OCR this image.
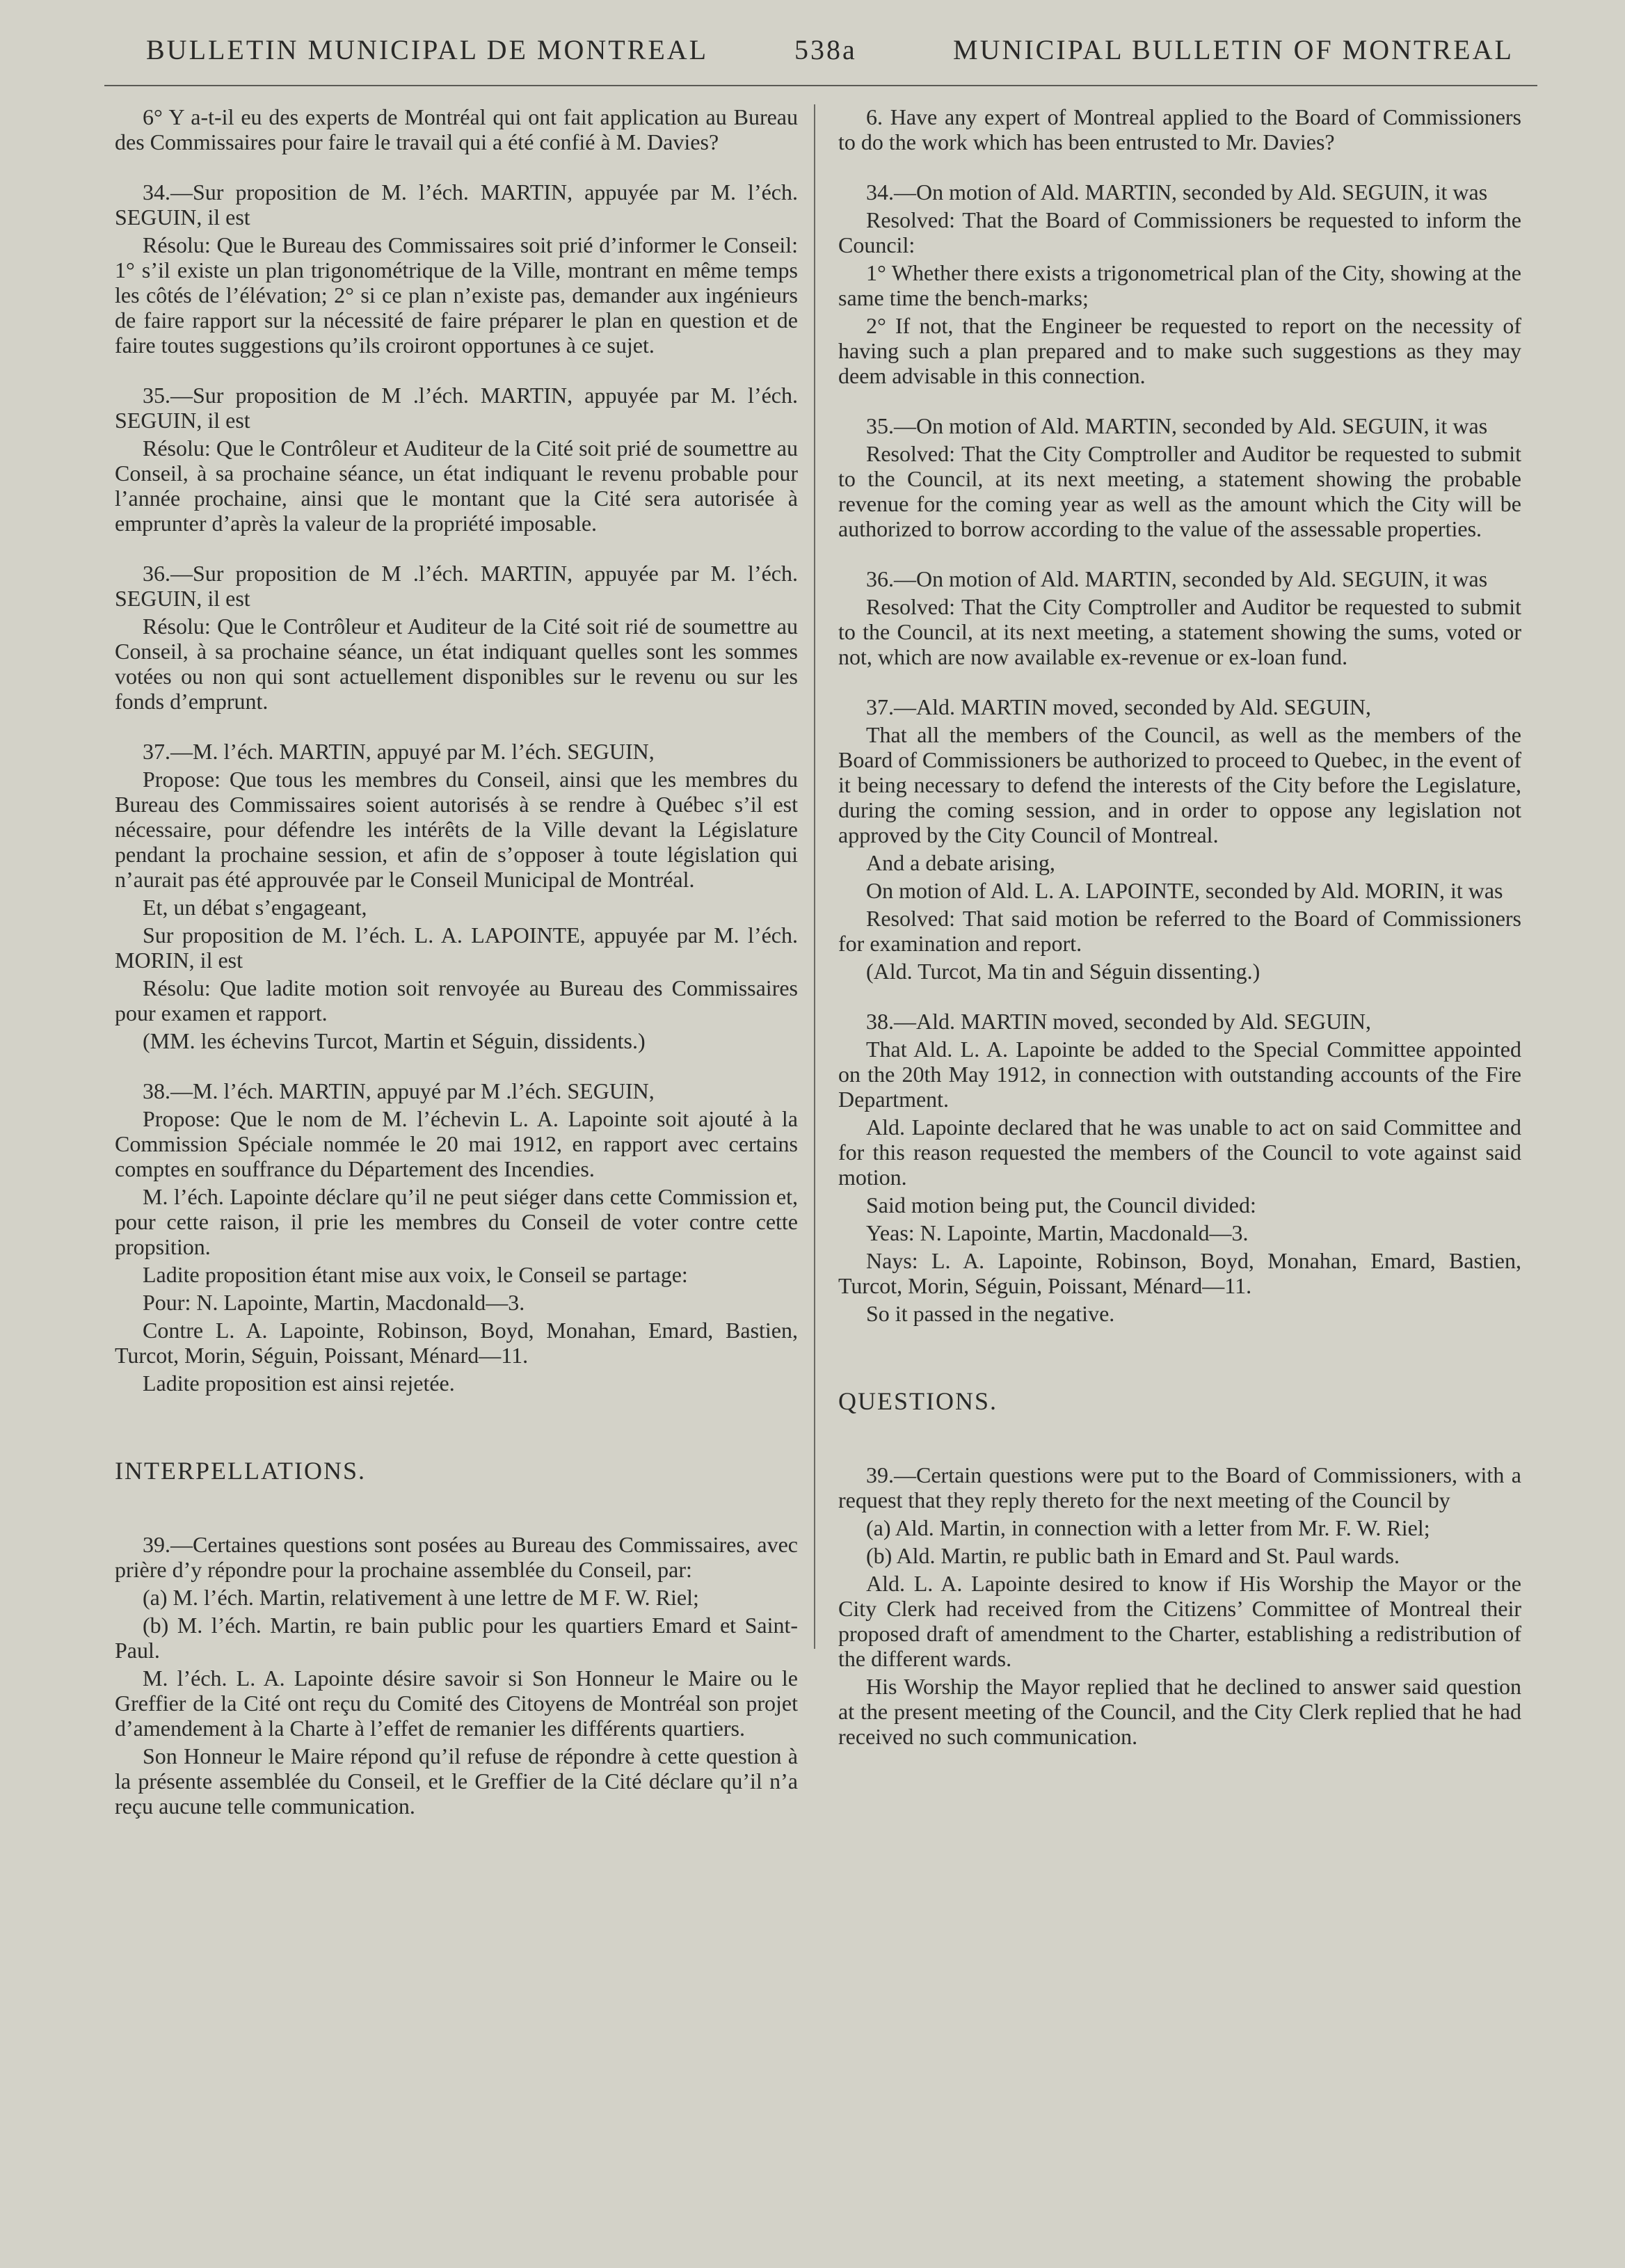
BULLETIN MUNICIPAL DE MONTREAL	538a	MUNICIPAL BULLETIN OF MONTREAL

6° Y a-t-il eu des experts de Montréal qui ont fait application au Bureau des Commissaires pour faire le travail qui a été confié à M. Davies?

34.—Sur proposition de M. l’éch. MARTIN, appuyée par M. l’éch. SEGUIN, il est

Résolu: Que le Bureau des Commissaires soit prié d’informer le Conseil: 1° s’il existe un plan trigonométrique de la Ville, montrant en même temps les côtés de l’élévation; 2° si ce plan n’existe pas, demander aux ingénieurs de faire rapport sur la nécessité de faire préparer le plan en question et de faire toutes suggestions qu’ils croiront opportunes à ce sujet.

35.—Sur proposition de M .l’éch. MARTIN, appuyée par M. l’éch. SEGUIN, il est

Résolu: Que le Contrôleur et Auditeur de la Cité soit prié de soumettre au Conseil, à sa prochaine séance, un état indiquant le revenu probable pour l’année prochaine, ainsi que le montant que la Cité sera autorisée à emprunter d’après la valeur de la propriété imposable.

36.—Sur proposition de M .l’éch. MARTIN, appuyée par M. l’éch. SEGUIN, il est

Résolu: Que le Contrôleur et Auditeur de la Cité soit rié de soumettre au Conseil, à sa prochaine séance, un état indiquant quelles sont les sommes votées ou non qui sont actuellement disponibles sur le revenu ou sur les fonds d’emprunt.

37.—M. l’éch. MARTIN, appuyé par M. l’éch. SEGUIN,

Propose: Que tous les membres du Conseil, ainsi que les membres du Bureau des Commissaires soient autorisés à se rendre à Québec s’il est nécessaire, pour défendre les intérêts de la Ville devant la Législature pendant la prochaine session, et afin de s’opposer à toute législation qui n’aurait pas été approuvée par le Conseil Municipal de Montréal.

Et, un débat s’engageant,

Sur proposition de M. l’éch. L. A. LAPOINTE, appuyée par M. l’éch. MORIN, il est

Résolu: Que ladite motion soit renvoyée au Bureau des Commissaires pour examen et rapport.

(MM. les échevins Turcot, Martin et Séguin, dissidents.)

38.—M. l’éch. MARTIN, appuyé par M .l’éch. SEGUIN,

Propose: Que le nom de M. l’échevin L. A. Lapointe soit ajouté à la Commission Spéciale nommée le 20 mai 1912, en rapport avec certains comptes en souffrance du Département des Incendies.

M. l’éch. Lapointe déclare qu’il ne peut siéger dans cette Commission et, pour cette raison, il prie les membres du Conseil de voter contre cette propsition.

Ladite proposition étant mise aux voix, le Conseil se partage:

Pour: N. Lapointe, Martin, Macdonald—3.

Contre L. A. Lapointe, Robinson, Boyd, Monahan, Emard, Bastien, Turcot, Morin, Séguin, Poissant, Ménard—11.

Ladite proposition est ainsi rejetée.

INTERPELLATIONS.

39.—Certaines questions sont posées au Bureau des Commissaires, avec prière d’y répondre pour la prochaine assemblée du Conseil, par:

(a) M. l’éch. Martin, relativement à une lettre de M F. W. Riel;

(b) M. l’éch. Martin, re bain public pour les quartiers Emard et Saint-Paul.

M. l’éch. L. A. Lapointe désire savoir si Son Honneur le Maire ou le Greffier de la Cité ont reçu du Comité des Citoyens de Montréal son projet d’amendement à la Charte à l’effet de remanier les différents quartiers.

Son Honneur le Maire répond qu’il refuse de répondre à cette question à la présente assemblée du Conseil, et le Greffier de la Cité déclare qu’il n’a reçu aucune telle communication.

6. Have any expert of Montreal applied to the Board of Commissioners to do the work which has been entrusted to Mr. Davies?

34.—On motion of Ald. MARTIN, seconded by Ald. SEGUIN, it was

Resolved: That the Board of Commissioners be requested to inform the Council:

1° Whether there exists a trigonometrical plan of the City, showing at the same time the bench-marks;

2° If not, that the Engineer be requested to report on the necessity of having such a plan prepared and to make such suggestions as they may deem advisable in this connection.

35.—On motion of Ald. MARTIN, seconded by Ald. SEGUIN, it was

Resolved: That the City Comptroller and Auditor be requested to submit to the Council, at its next meeting, a statement showing the probable revenue for the coming year as well as the amount which the City will be authorized to borrow according to the value of the assessable properties.

36.—On motion of Ald. MARTIN, seconded by Ald. SEGUIN, it was

Resolved: That the City Comptroller and Auditor be requested to submit to the Council, at its next meeting, a statement showing the sums, voted or not, which are now available ex-revenue or ex-loan fund.

37.—Ald. MARTIN moved, seconded by Ald. SEGUIN,

That all the members of the Council, as well as the members of the Board of Commissioners be authorized to proceed to Quebec, in the event of it being necessary to defend the interests of the City before the Legislature, during the coming session, and in order to oppose any legislation not approved by the City Council of Montreal.

And a debate arising,

On motion of Ald. L. A. LAPOINTE, seconded by Ald. MORIN, it was

Resolved: That said motion be referred to the Board of Commissioners for examination and report.

(Ald. Turcot, Ma tin and Séguin dissenting.)

38.—Ald. MARTIN moved, seconded by Ald. SEGUIN,

That Ald. L. A. Lapointe be added to the Special Committee appointed on the 20th May 1912, in connection with outstanding accounts of the Fire Department.

Ald. Lapointe declared that he was unable to act on said Committee and for this reason requested the members of the Council to vote against said motion.

Said motion being put, the Council divided:

Yeas: N. Lapointe, Martin, Macdonald—3.

Nays: L. A. Lapointe, Robinson, Boyd, Monahan, Emard, Bastien, Turcot, Morin, Séguin, Poissant, Ménard—11.

So it passed in the negative.

QUESTIONS.

39.—Certain questions were put to the Board of Commissioners, with a request that they reply thereto for the next meeting of the Council by

(a) Ald. Martin, in connection with a letter from Mr. F. W. Riel;

(b) Ald. Martin, re public bath in Emard and St. Paul wards.

Ald. L. A. Lapointe desired to know if His Worship the Mayor or the City Clerk had received from the Citizens’ Committee of Montreal their proposed draft of amendment to the Charter, establishing a redistribution of the different wards.

His Worship the Mayor replied that he declined to answer said question at the present meeting of the Council, and the City Clerk replied that he had received no such communication.
